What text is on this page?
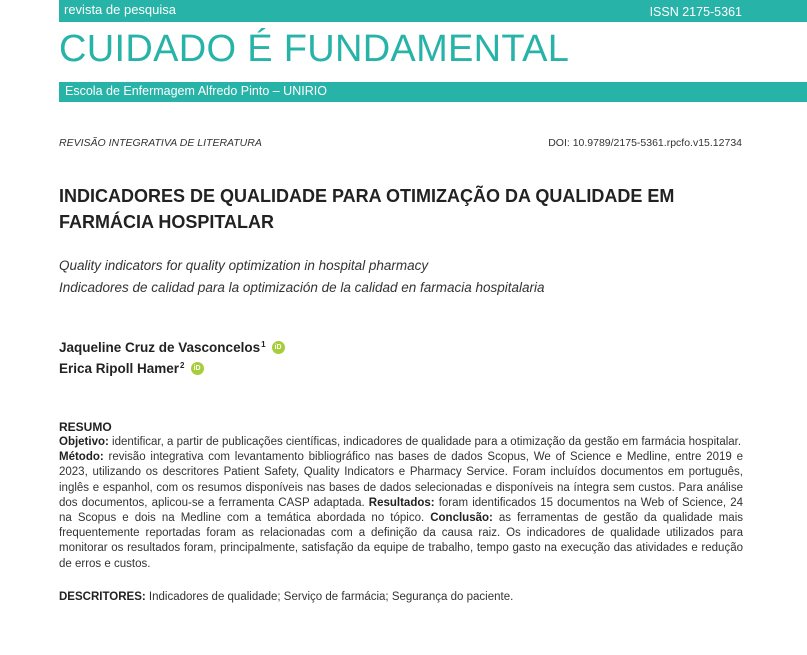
revista de pesquisa	ISSN 2175-5361
CUIDADO É FUNDAMENTAL
Escola de Enfermagem Alfredo Pinto – UNIRIO
REVISÃO INTEGRATIVA DE LITERATURA	DOI: 10.9789/2175-5361.rpcfo.v15.12734
INDICADORES DE QUALIDADE PARA OTIMIZAÇÃO DA QUALIDADE EM
FARMÁCIA HOSPITALAR
Quality indicators for quality optimization in hospital pharmacy
Indicadores de calidad para la optimización de la calidad en farmacia hospitalaria
Jaqueline Cruz de Vasconcelos$^1$	iD
Erica Ripoll Hamer$^2$	iD
RESUMO

Objetivo: identificar, a partir de publicações científicas, indicadores de qualidade para a otimização da gestão em farmácia hospitalar.
Método: revisão integrativa com levantamento bibliográfico nas bases de dados Scopus, We of Science e Medline, entre 2019 e 2023, utilizando os descritores Patient Safety, Quality Indicators e Pharmacy Service. Foram incluídos documentos em português, inglês e espanhol, com os resumos disponíveis nas bases de dados selecionadas e disponíveis na íntegra sem custos. Para análise dos documentos, aplicou-se a ferramenta CASP adaptada. Resultados: foram identificados 15 documentos na Web of Science, 24 na Scopus e dois na Medline com a temática abordada no tópico. Conclusão: as ferramentas de gestão da qualidade mais frequentemente reportadas foram as relacionadas com a definição da causa raiz. Os indicadores de qualidade utilizados para monitorar os resultados foram, principalmente, satisfação da equipe de trabalho, tempo gasto na execução das atividades e redução de erros e custos.

DESCRITORES: Indicadores de qualidade; Serviço de farmácia; Segurança do paciente.
